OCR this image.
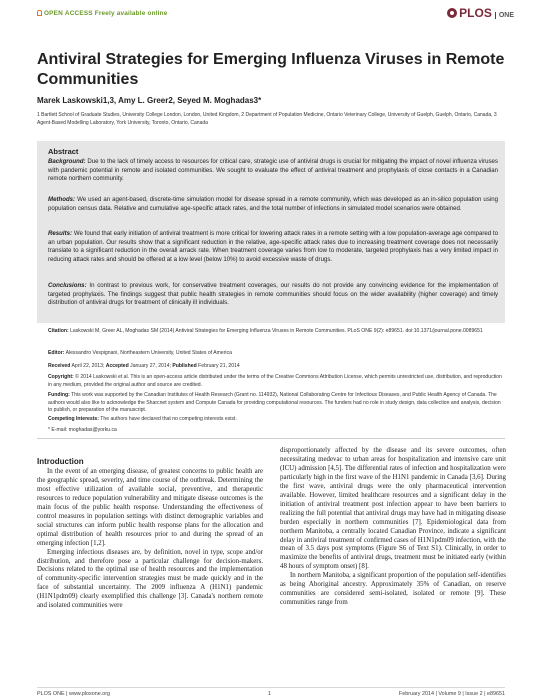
OPEN ACCESS Freely available online	PLOS ONE
Antiviral Strategies for Emerging Influenza Viruses in Remote Communities
Marek Laskowski1,3, Amy L. Greer2, Seyed M. Moghadas3*
1 Bartlett School of Graduate Studies, University College London, London, United Kingdom, 2 Department of Population Medicine, Ontario Veterinary College, University of Guelph, Guelph, Ontario, Canada, 3 Agent-Based Modelling Laboratory, York University, Toronto, Ontario, Canada
Abstract
Background: Due to the lack of timely access to resources for critical care, strategic use of antiviral drugs is crucial for mitigating the impact of novel influenza viruses with pandemic potential in remote and isolated communities. We sought to evaluate the effect of antiviral treatment and prophylaxis of close contacts in a Canadian remote northern community.
Methods: We used an agent-based, discrete-time simulation model for disease spread in a remote community, which was developed as an in-silico population using population census data. Relative and cumulative age-specific attack rates, and the total number of infections in simulated model scenarios were obtained.
Results: We found that early initiation of antiviral treatment is more critical for lowering attack rates in a remote setting with a low population-average age compared to an urban population. Our results show that a significant reduction in the relative, age-specific attack rates due to increasing treatment coverage does not necessarily translate to a significant reduction in the overall arrack rate. When treatment coverage varies from low to moderate, targeted prophylaxis has a very limited impact in reducing attack rates and should be offered at a low level (below 10%) to avoid excessive waste of drugs.
Conclusions: In contrast to previous work, for conservative treatment coverages, our results do not provide any convincing evidence for the implementation of targeted prophylaxis. The findings suggest that public health strategies in remote communities should focus on the wider availability (higher coverage) and timely distribution of antiviral drugs for treatment of clinically ill individuals.
Citation: Laskowski M, Greer AL, Moghadas SM (2014) Antiviral Strategies for Emerging Influenza Viruses in Remote Communities. PLoS ONE 9(2): e89651. doi:10.1371/journal.pone.0089651
Editor: Alessandro Vespignani, Northeastern University, United States of America
Received April 22, 2013; Accepted January 27, 2014; Published February 21, 2014
Copyright: © 2014 Laskowski et al. This is an open-access article distributed under the terms of the Creative Commons Attribution License, which permits unrestricted use, distribution, and reproduction in any medium, provided the original author and source are credited.
Funding: This work was supported by the Canadian Institutes of Health Research (Grant no. 114932), National Collaborating Centre for Infectious Diseases, and Public Health Agency of Canada. The authors would also like to acknowledge the Sharcnet system and Compute Canada for providing computational resources. The funders had no role in study design, data collection and analysis, decision to publish, or preparation of the manuscript.
Competing Interests: The authors have declared that no competing interests exist.
* E-mail: moghadas@yorku.ca
Introduction

In the event of an emerging disease, of greatest concerns to public health are the geographic spread, severity, and time course of the outbreak. Determining the most effective utilization of available social, preventive, and therapeutic resources to reduce population vulnerability and mitigate disease outcomes is the main focus of the public health response. Understanding the effectiveness of control measures in population settings with distinct demographic variables and social structures can inform public health response plans for the allocation and optimal distribution of health resources prior to and during the spread of an emerging infection [1,2].

Emerging infectious diseases are, by definition, novel in type, scope and/or distribution, and therefore pose a particular challenge for decision-makers. Decisions related to the optimal use of health resources and the implementation of community-specific intervention strategies must be made quickly and in the face of substantial uncertainty. The 2009 influenza A (H1N1) pandemic (H1N1pdm09) clearly exemplified this challenge [3]. Canada's northern remote and isolated communities were

disproportionately affected by the disease and its severe outcomes, often necessitating medevac to urban areas for hospitalization and intensive care unit (ICU) admission [4,5]. The differential rates of infection and hospitalization were particularly high in the first wave of the H1N1 pandemic in Canada [3,6]. During the first wave, antiviral drugs were the only pharmaceutical intervention available. However, limited healthcare resources and a significant delay in the initiation of antiviral treatment post infection appear to have been barriers to realizing the full potential that antiviral drugs may have had in mitigating disease burden especially in northern communities [7]. Epidemiological data from northern Manitoba, a centrally located Canadian Province, indicate a significant delay in antiviral treatment of confirmed cases of H1N1pdm09 infection, with the mean of 3.5 days post symptoms (Figure S6 of Text S1). Clinically, in order to maximize the benefits of antiviral drugs, treatment must be initiated early (within 48 hours of symptom onset) [8].

In northern Manitoba, a significant proportion of the population self-identifies as being Aboriginal ancestry. Approximately 35% of Canadian, on reserve communities are considered semi-isolated, isolated or remote [9]. These communities range from

PLOS ONE | www.plosone.org	1	February 2014 | Volume 9 | Issue 2 | e89651
